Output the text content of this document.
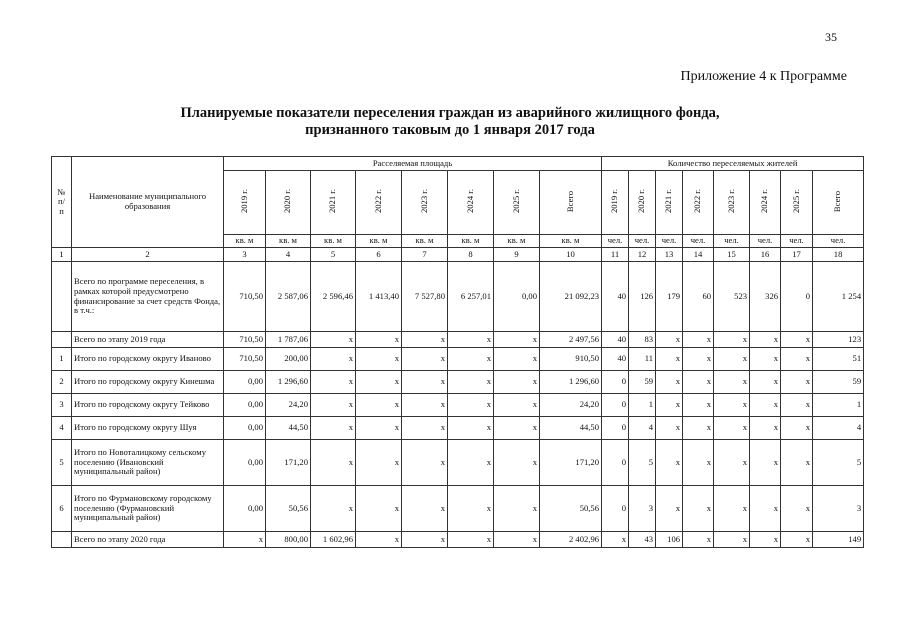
35
Приложение 4 к Программе
Планируемые показатели переселения граждан из аварийного жилищного фонда,
признанного таковым до 1 января 2017 года
№ п/ п	Наименование муниципального образования	Расселяемая площадь								Количество переселяемых жителей							
		2019 г.	2020 г.	2021 г.	2022 г.	2023 г.	2024 г.	2025 г.	Всего	2019 г.	2020 г.	2021 г.	2022 г.	2023 г.	2024 г.	2025 г.	Всего
		кв. м	кв. м	кв. м	кв. м	кв. м	кв. м	кв. м	кв. м	чел.	чел.	чел.	чел.	чел.	чел.	чел.	чел.
1	2	3	4	5	6	7	8	9	10	11	12	13	14	15	16	17	18
	Всего по программе переселения, в рамках которой предусмотрено финансирование за счет средств Фонда, в т.ч.:	710,50	2 587,06	2 596,46	1 413,40	7 527,80	6 257,01	0,00	21 092,23	40	126	179	60	523	326	0	1 254
	Всего по этапу 2019 года	710,50	1 787,06	х	х	х	х	х	2 497,56	40	83	х	х	х	х	х	123
1	Итого по городскому округу Иваново	710,50	200,00	х	х	х	х	х	910,50	40	11	х	х	х	х	х	51
2	Итого по городскому округу Кинешма	0,00	1 296,60	х	х	х	х	х	1 296,60	0	59	х	х	х	х	х	59
3	Итого по городскому округу Тейково	0,00	24,20	х	х	х	х	х	24,20	0	1	х	х	х	х	х	1
4	Итого по городскому округу Шуя	0,00	44,50	х	х	х	х	х	44,50	0	4	х	х	х	х	х	4
5	Итого по Новоталицкому сельскому поселению (Ивановский муниципальный район)	0,00	171,20	х	х	х	х	х	171,20	0	5	х	х	х	х	х	5
6	Итого по Фурмановскому городскому поселению (Фурмановский муниципальный район)	0,00	50,56	х	х	х	х	х	50,56	0	3	х	х	х	х	х	3
	Всего по этапу 2020 года	х	800,00	1 602,96	х	х	х	х	2 402,96	х	43	106	х	х	х	х	149
